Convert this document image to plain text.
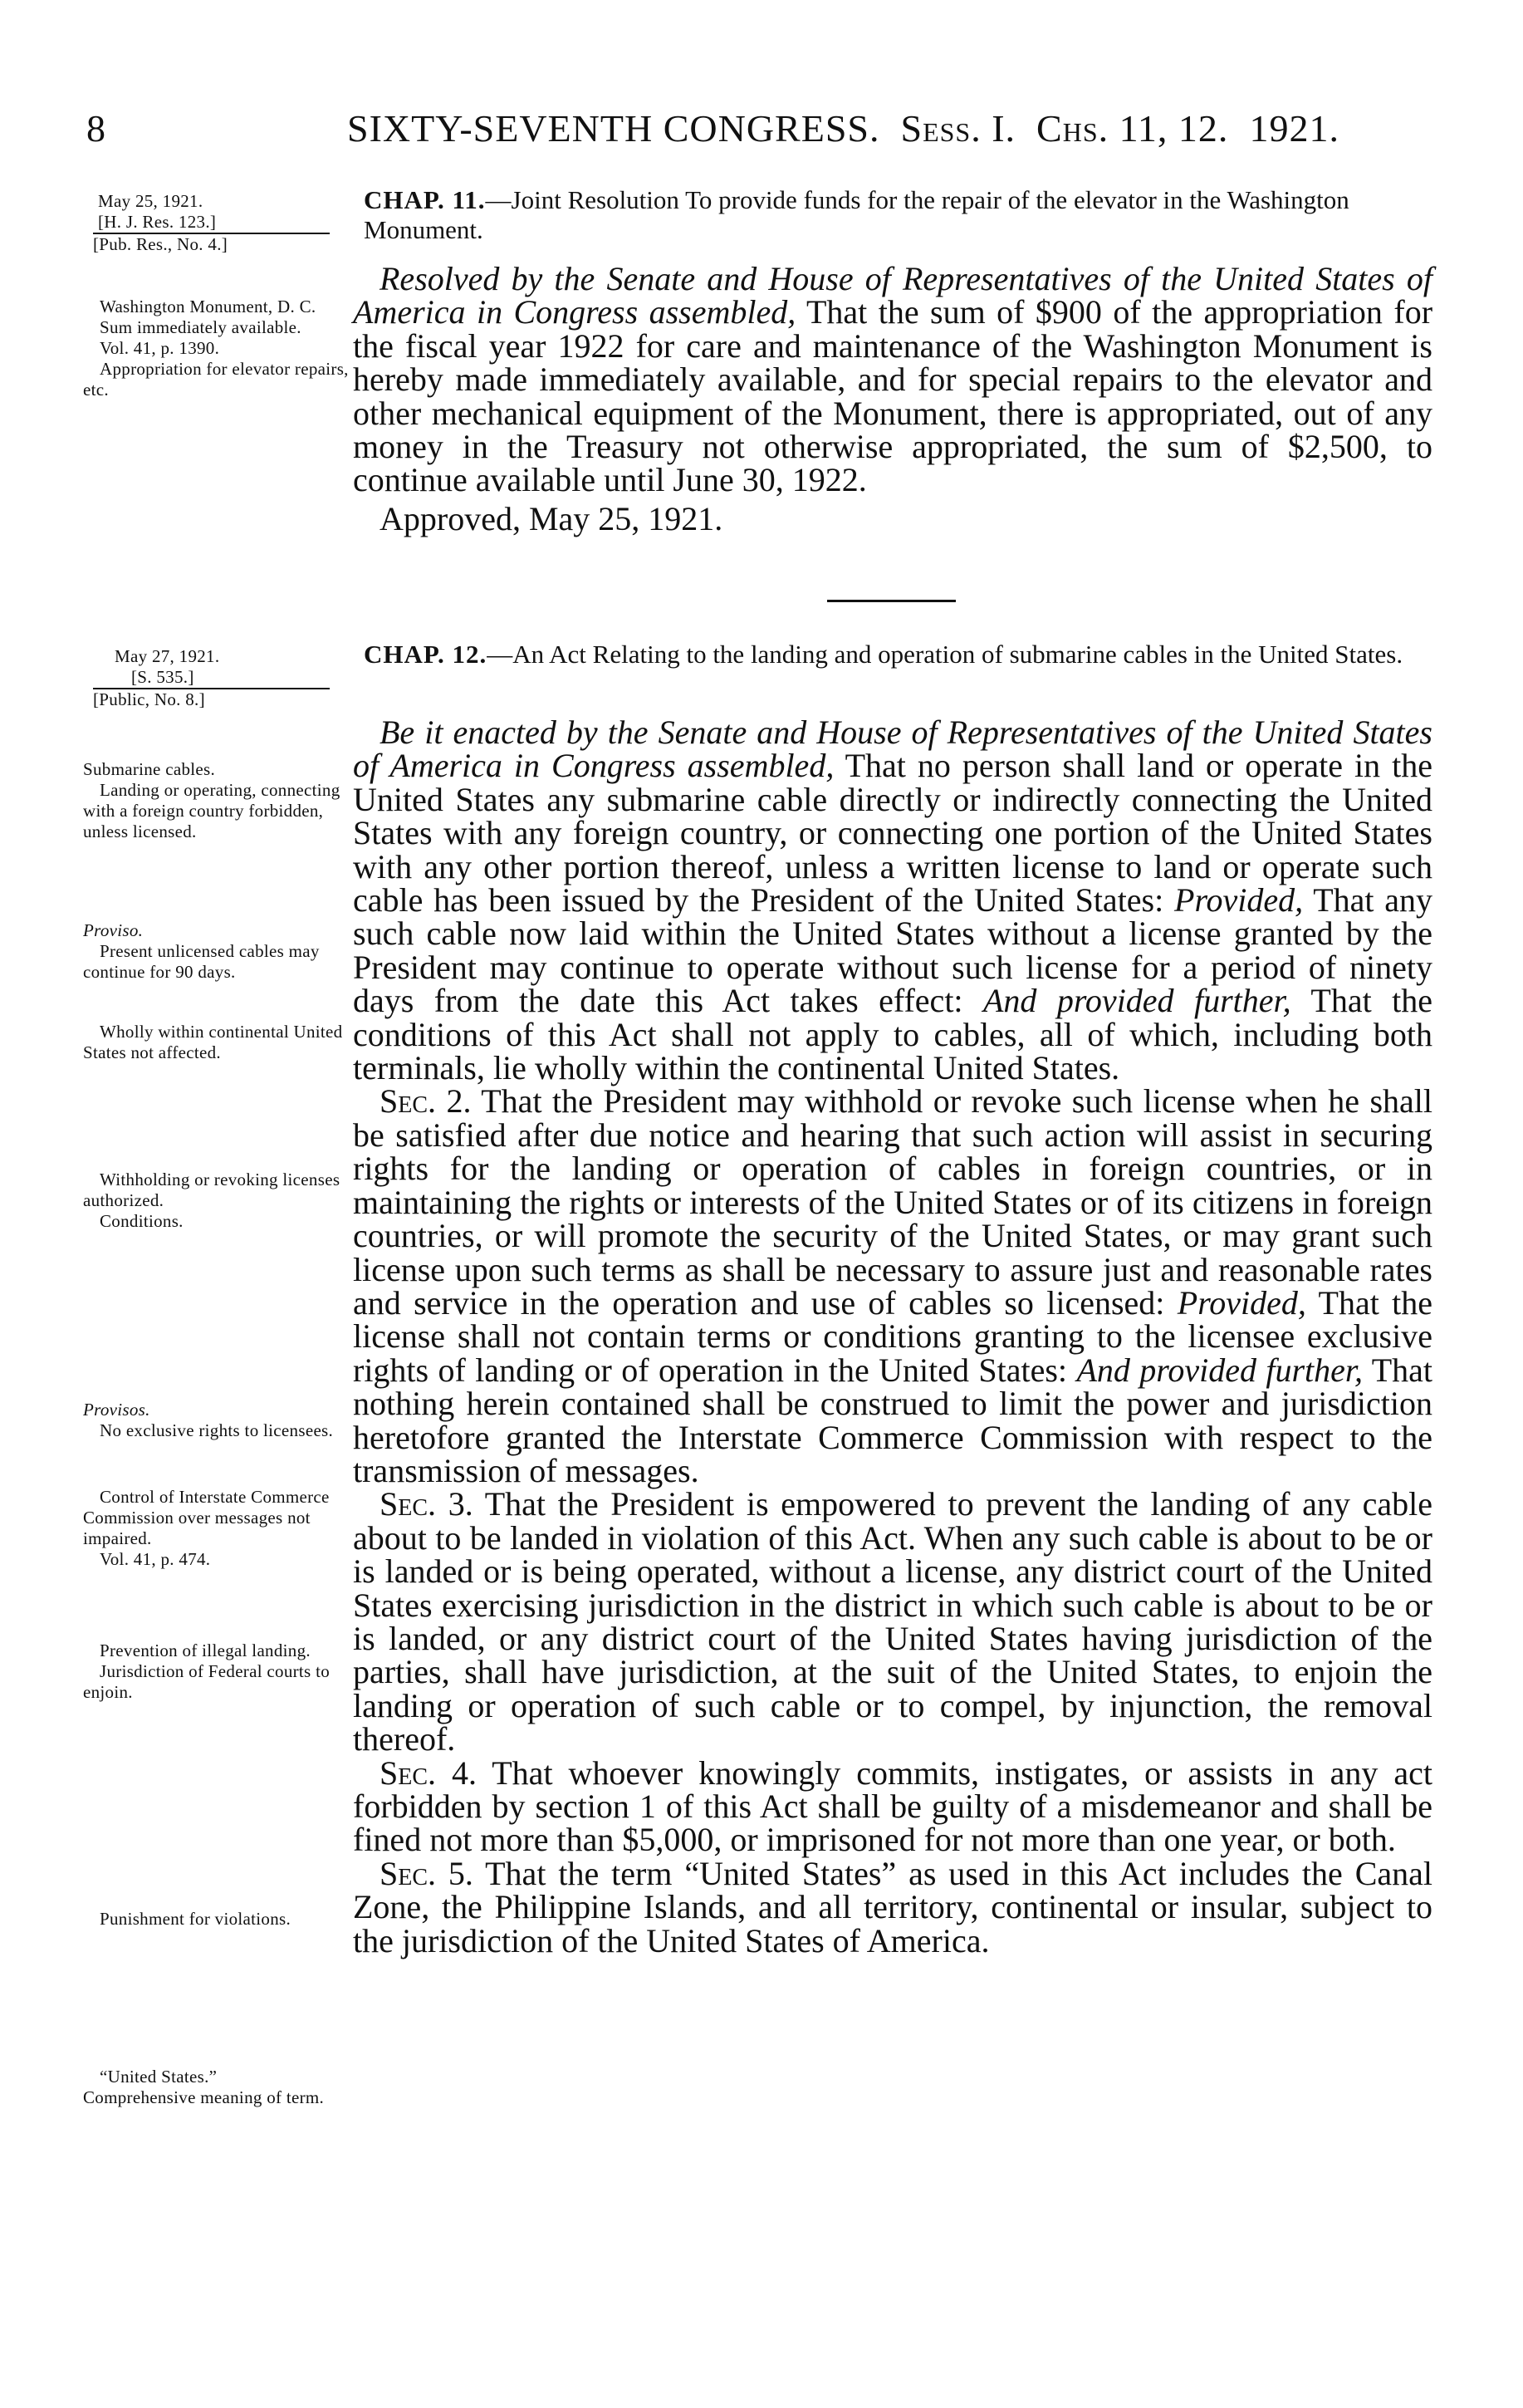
8	SIXTY-SEVENTH CONGRESS. Sess. I. Chs. 11, 12. 1921.
May 25, 1921.
[H. J. Res. 123.]
[Pub. Res., No. 4.]
CHAP. 11.—Joint Resolution To provide funds for the repair of the elevator in the Washington Monument.
Washington Monument, D. C.
Sum immediately available.
Vol. 41, p. 1390.
Appropriation for elevator repairs, etc.

Resolved by the Senate and House of Representatives of the United States of America in Congress assembled, That the sum of $900 of the appropriation for the fiscal year 1922 for care and maintenance of the Washington Monument is hereby made immediately available, and for special repairs to the elevator and other mechanical equipment of the Monument, there is appropriated, out of any money in the Treasury not otherwise appropriated, the sum of $2,500, to continue available until June 30, 1922.

Approved, May 25, 1921.

May 27, 1921.
[S. 535.]
[Public, No. 8.]
CHAP. 12.—An Act Relating to the landing and operation of submarine cables in the United States.
Submarine cables.
Landing or operating, connecting with a foreign country forbidden, unless licensed.
Proviso.
Present unlicensed cables may continue for 90 days.
Wholly within continental United States not affected.
Withholding or revoking licenses authorized.
Conditions.
Provisos.
No exclusive rights to licensees.
Control of Interstate Commerce Commission over messages not impaired.
Vol. 41, p. 474.
Prevention of illegal landing.
Jurisdiction of Federal courts to enjoin.
Punishment for violations.
“United States.”
Comprehensive meaning of term.

Be it enacted by the Senate and House of Representatives of the United States of America in Congress assembled, That no person shall land or operate in the United States any submarine cable directly or indirectly connecting the United States with any foreign country, or connecting one portion of the United States with any other portion thereof, unless a written license to land or operate such cable has been issued by the President of the United States: Provided, That any such cable now laid within the United States without a license granted by the President may continue to operate without such license for a period of ninety days from the date this Act takes effect: And provided further, That the conditions of this Act shall not apply to cables, all of which, including both terminals, lie wholly within the continental United States.

Sec. 2. That the President may withhold or revoke such license when he shall be satisfied after due notice and hearing that such action will assist in securing rights for the landing or operation of cables in foreign countries, or in maintaining the rights or interests of the United States or of its citizens in foreign countries, or will promote the security of the United States, or may grant such license upon such terms as shall be necessary to assure just and reasonable rates and service in the operation and use of cables so licensed: Provided, That the license shall not contain terms or conditions granting to the licensee exclusive rights of landing or of operation in the United States: And provided further, That nothing herein contained shall be construed to limit the power and jurisdiction heretofore granted the Interstate Commerce Commission with respect to the transmission of messages.

Sec. 3. That the President is empowered to prevent the landing of any cable about to be landed in violation of this Act. When any such cable is about to be or is landed or is being operated, without a license, any district court of the United States exercising jurisdiction in the district in which such cable is about to be or is landed, or any district court of the United States having jurisdiction of the parties, shall have jurisdiction, at the suit of the United States, to enjoin the landing or operation of such cable or to compel, by injunction, the removal thereof.

Sec. 4. That whoever knowingly commits, instigates, or assists in any act forbidden by section 1 of this Act shall be guilty of a misdemeanor and shall be fined not more than $5,000, or imprisoned for not more than one year, or both.

Sec. 5. That the term “United States” as used in this Act includes the Canal Zone, the Philippine Islands, and all territory, continental or insular, subject to the jurisdiction of the United States of America.
